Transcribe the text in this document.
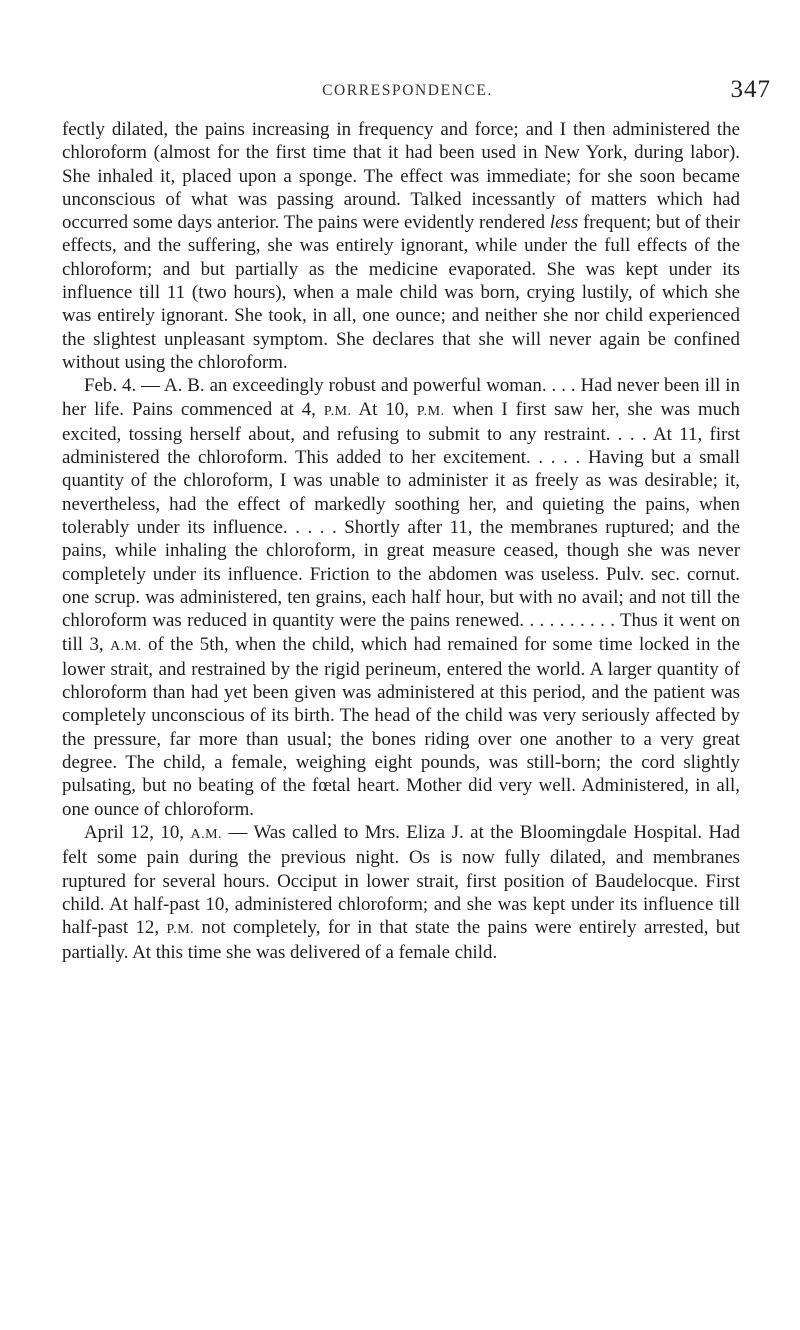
CORRESPONDENCE.	347

fectly dilated, the pains increasing in frequency and force; and I then administered the chloroform (almost for the first time that it had been used in New York, during labor). She inhaled it, placed upon a sponge. The effect was immediate; for she soon became unconscious of what was passing around. Talked incessantly of matters which had occurred some days anterior. The pains were evidently rendered less frequent; but of their effects, and the suffering, she was entirely ignorant, while under the full effects of the chloroform; and but partially as the medicine evaporated. She was kept under its influence till 11 (two hours), when a male child was born, crying lustily, of which she was entirely ignorant. She took, in all, one ounce; and neither she nor child experienced the slightest unpleasant symptom. She declares that she will never again be confined without using the chloroform.

Feb. 4. — A. B. an exceedingly robust and powerful woman. . . . Had never been ill in her life. Pains commenced at 4, P.M. At 10, P.M. when I first saw her, she was much excited, tossing herself about, and refusing to submit to any restraint. . . . At 11, first administered the chloroform. This added to her excitement. . . . . Having but a small quantity of the chloroform, I was unable to administer it as freely as was desirable; it, nevertheless, had the effect of markedly soothing her, and quieting the pains, when tolerably under its influence. . . . . Shortly after 11, the membranes ruptured; and the pains, while inhaling the chloroform, in great measure ceased, though she was never completely under its influence. Friction to the abdomen was useless. Pulv. sec. cornut. one scrup. was administered, ten grains, each half hour, but with no avail; and not till the chloroform was reduced in quantity were the pains renewed. . . . . . . . . . Thus it went on till 3, A.M. of the 5th, when the child, which had remained for some time locked in the lower strait, and restrained by the rigid perineum, entered the world. A larger quantity of chloroform than had yet been given was administered at this period, and the patient was completely unconscious of its birth. The head of the child was very seriously affected by the pressure, far more than usual; the bones riding over one another to a very great degree. The child, a female, weighing eight pounds, was still-born; the cord slightly pulsating, but no beating of the fœtal heart. Mother did very well. Administered, in all, one ounce of chloroform.

April 12, 10, A.M. — Was called to Mrs. Eliza J. at the Bloomingdale Hospital. Had felt some pain during the previous night. Os is now fully dilated, and membranes ruptured for several hours. Occiput in lower strait, first position of Baudelocque. First child. At half-past 10, administered chloroform; and she was kept under its influence till half-past 12, P.M. not completely, for in that state the pains were entirely arrested, but partially. At this time she was delivered of a female child.
